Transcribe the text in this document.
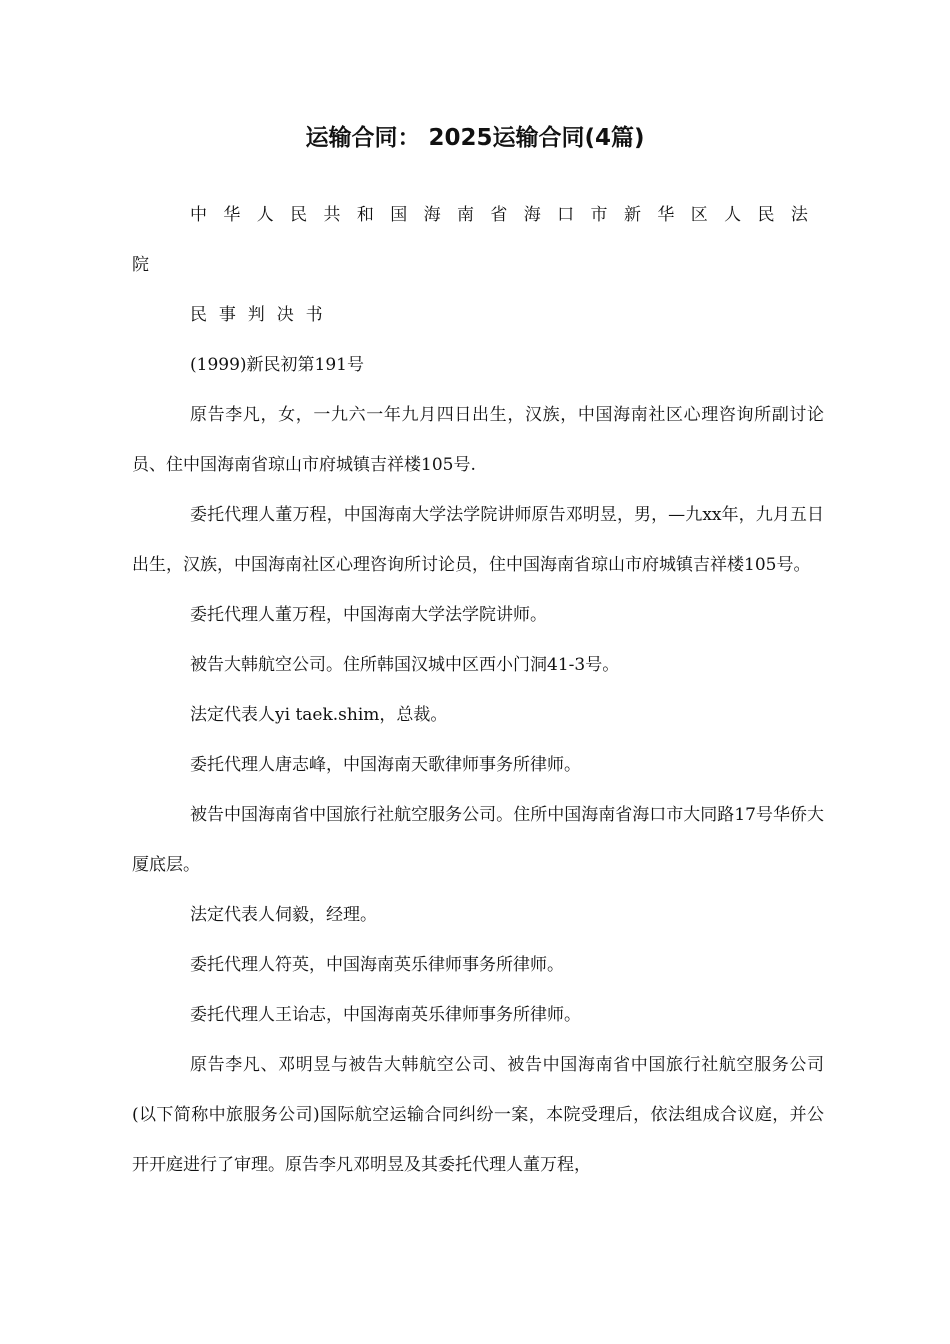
运输合同： 2025运输合同(4篇)

中华人民共和国海南省海口市新华区人民法院

民事判决书

(1999)新民初第191号

原告李凡，女，一九六一年九月四日出生，汉族，中国海南社区心理咨询所副讨论员、住中国海南省琼山市府城镇吉祥楼105号.

委托代理人董万程，中国海南大学法学院讲师原告邓明昱，男，—九xx年，九月五日出生，汉族，中国海南社区心理咨询所讨论员，住中国海南省琼山市府城镇吉祥楼105号。

委托代理人董万程，中国海南大学法学院讲师。

被告大韩航空公司。住所韩国汉城中区西小门洞41-3号。

法定代表人yi taek.shim，总裁。

委托代理人唐志峰，中国海南天歌律师事务所律师。

被告中国海南省中国旅行社航空服务公司。住所中国海南省海口市大同路17号华侨大厦底层。

法定代表人伺毅，经理。

委托代理人符英，中国海南英乐律师事务所律师。

委托代理人王诒志，中国海南英乐律师事务所律师。

原告李凡、邓明昱与被告大韩航空公司、被告中国海南省中国旅行社航空服务公司(以下简称中旅服务公司)国际航空运输合同纠纷一案，本院受理后，依法组成合议庭，并公开开庭进行了审理。原告李凡邓明昱及其委托代理人董万程，
